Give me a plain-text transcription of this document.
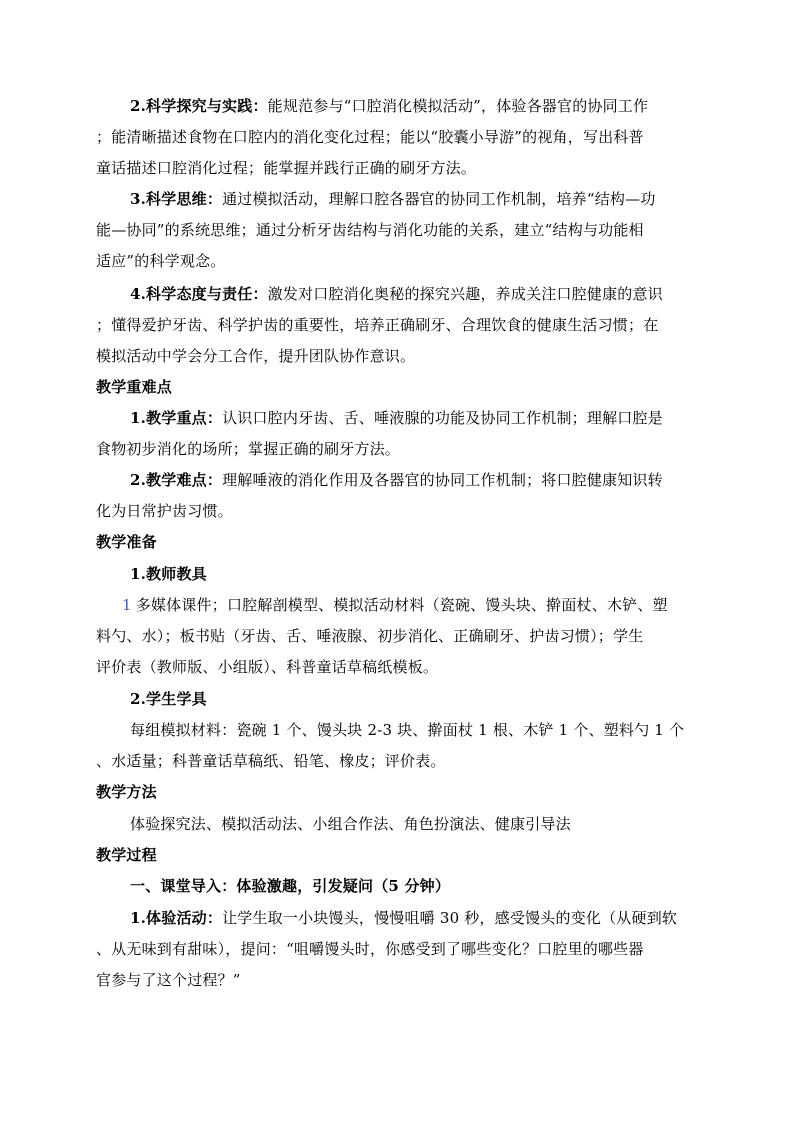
2.科学探究与实践：能规范参与“口腔消化模拟活动”，体验各器官的协同工作
；能清晰描述食物在口腔内的消化变化过程；能以“胶囊小导游”的视角，写出科普
童话描述口腔消化过程；能掌握并践行正确的刷牙方法。
3.科学思维：通过模拟活动，理解口腔各器官的协同工作机制，培养“结构—功
能—协同”的系统思维；通过分析牙齿结构与消化功能的关系，建立“结构与功能相
适应”的科学观念。
4.科学态度与责任：激发对口腔消化奥秘的探究兴趣，养成关注口腔健康的意识
；懂得爱护牙齿、科学护齿的重要性，培养正确刷牙、合理饮食的健康生活习惯；在
模拟活动中学会分工合作，提升团队协作意识。
教学重难点
1.教学重点：认识口腔内牙齿、舌、唾液腺的功能及协同工作机制；理解口腔是
食物初步消化的场所；掌握正确的刷牙方法。
2.教学难点：理解唾液的消化作用及各器官的协同工作机制；将口腔健康知识转
化为日常护齿习惯。
教学准备
1.教师教具
1 多媒体课件；口腔解剖模型、模拟活动材料（瓷碗、馒头块、擀面杖、木铲、塑
料勺、水）；板书贴（牙齿、舌、唾液腺、初步消化、正确刷牙、护齿习惯）；学生
评价表（教师版、小组版）、科普童话草稿纸模板。
2.学生学具
每组模拟材料：瓷碗 1 个、馒头块 2-3 块、擀面杖 1 根、木铲 1 个、塑料勺 1 个
、水适量；科普童话草稿纸、铅笔、橡皮；评价表。
教学方法
体验探究法、模拟活动法、小组合作法、角色扮演法、健康引导法
教学过程
一、课堂导入：体验激趣，引发疑问（5 分钟）
1.体验活动：让学生取一小块馒头，慢慢咀嚼 30 秒，感受馒头的变化（从硬到软
、从无味到有甜味），提问：“咀嚼馒头时，你感受到了哪些变化？口腔里的哪些器
官参与了这个过程？”
